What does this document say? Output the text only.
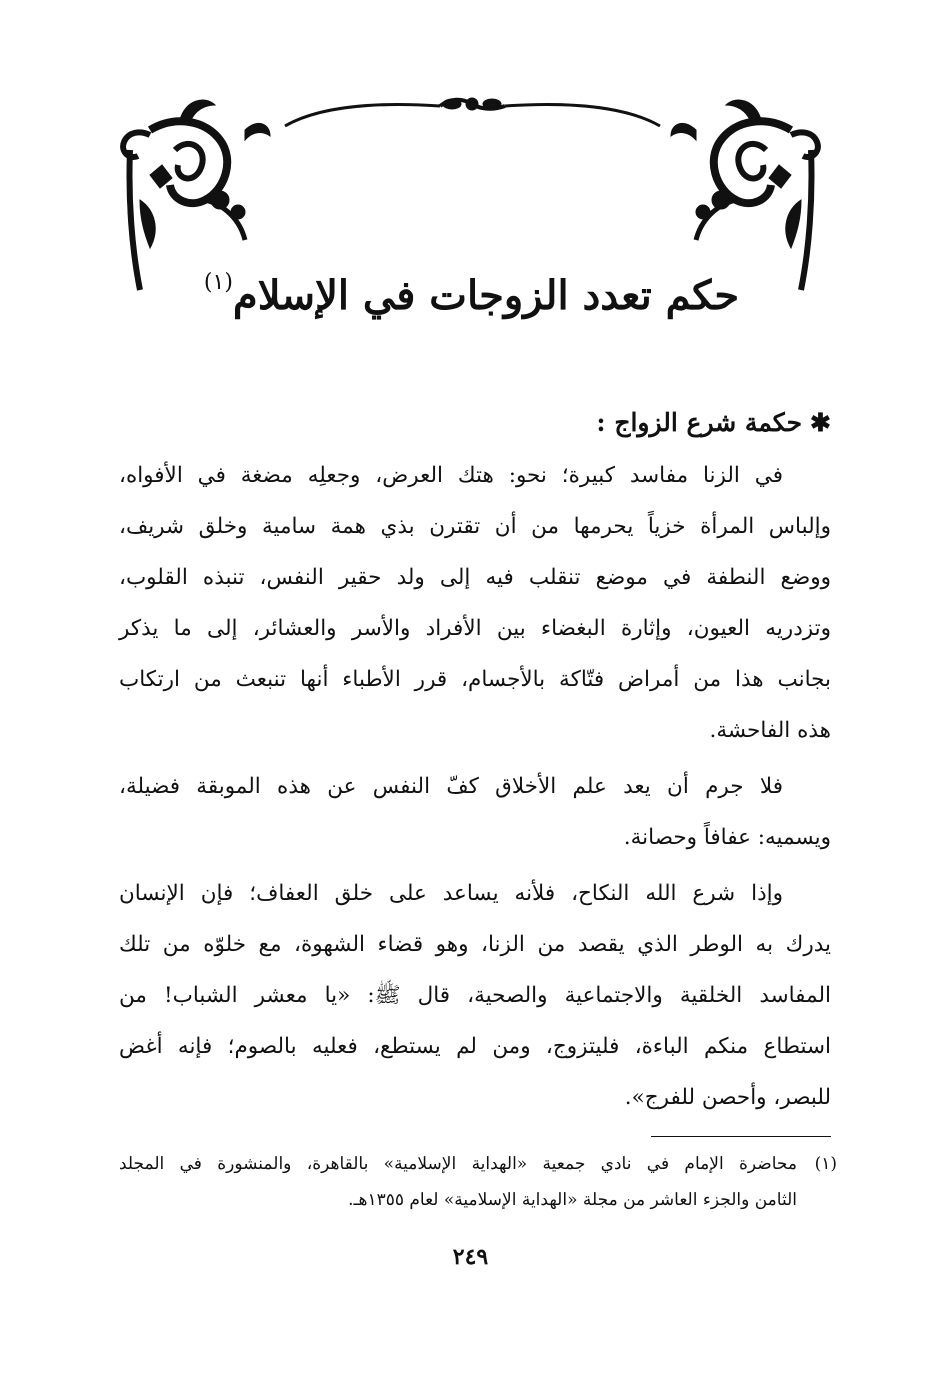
حكم تعدد الزوجات في الإسلام$^{(١)}$
✱حكمة شرع الزواج :
في الزنا مفاسد كبيرة؛ نحو: هتك العرض، وجعلِه مضغة في الأفواه،
وإلباس المرأة خزياً يحرمها من أن تقترن بذي همة سامية وخلق شريف،
ووضع النطفة في موضع تنقلب فيه إلى ولد حقير النفس، تنبذه القلوب،
وتزدريه العيون، وإثارة البغضاء بين الأفراد والأسر والعشائر، إلى ما يذكر
بجانب هذا من أمراض فتّاكة بالأجسام، قرر الأطباء أنها تنبعث من ارتكاب
هذه الفاحشة.
فلا جرم أن يعد علم الأخلاق كفّ النفس عن هذه الموبقة فضيلة،
ويسميه: عفافاً وحصانة.
وإذا شرع الله النكاح، فلأنه يساعد على خلق العفاف؛ فإن الإنسان
يدرك به الوطر الذي يقصد من الزنا، وهو قضاء الشهوة، مع خلوّه من تلك
المفاسد الخلقية والاجتماعية والصحية، قال ﷺ: «يا معشر الشباب! من
استطاع منكم الباءة، فليتزوج، ومن لم يستطع، فعليه بالصوم؛ فإنه أغض
للبصر، وأحصن للفرج».
(١)محاضرة الإمام في نادي جمعية «الهداية الإسلامية» بالقاهرة، والمنشورة في المجلد
الثامن والجزء العاشر من مجلة «الهداية الإسلامية» لعام ١٣٥٥هـ.
٢٤٩
